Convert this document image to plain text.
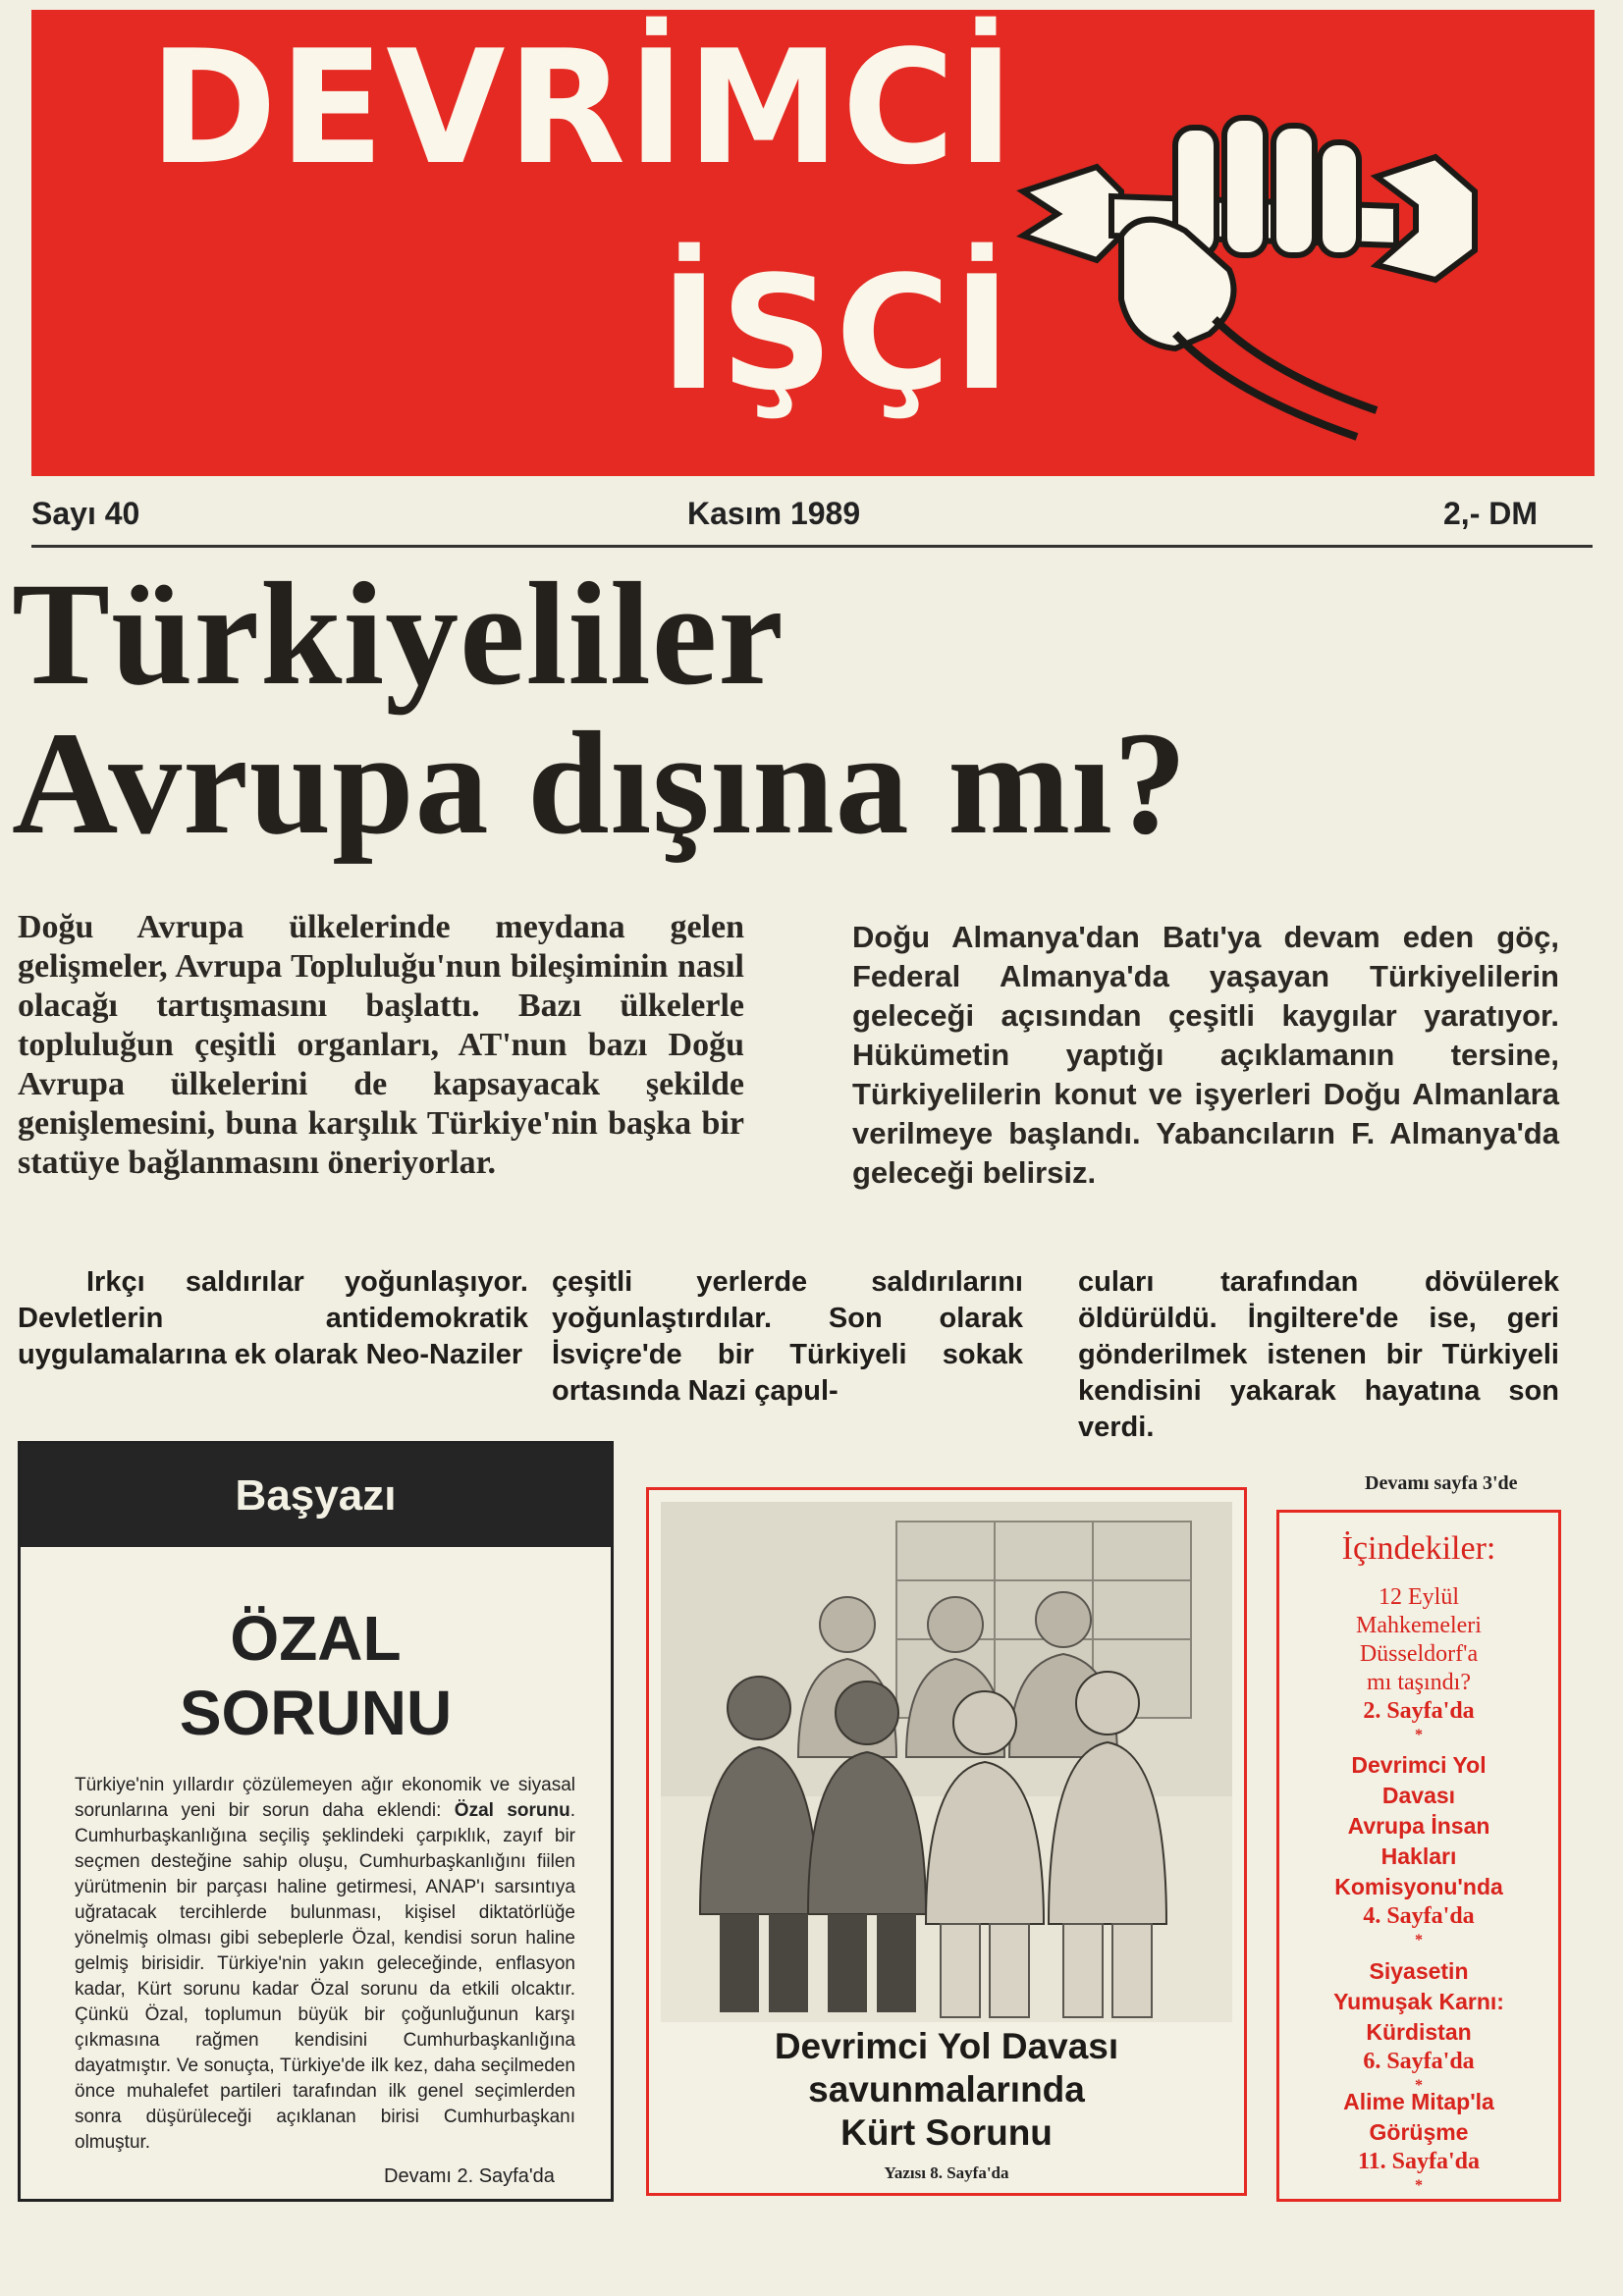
DEVRİMCİ
İŞÇİ
Sayı 40	Kasım 1989	2,- DM
Türkiyeliler
Avrupa dışına mı?
Doğu Avrupa ülkelerinde meydana gelen gelişmeler, Avrupa Topluluğu'nun bileşiminin nasıl olacağı tartışmasını başlattı. Bazı ülkelerle topluluğun çeşitli organları, AT'nun bazı Doğu Avrupa ülkelerini de kapsayacak şekilde genişlemesini, buna karşılık Türkiye'nin başka bir statüye bağlanmasını öneriyorlar.
Doğu Almanya'dan Batı'ya devam eden göç, Federal Almanya'da yaşayan Türkiyelilerin geleceği açısından çeşitli kaygılar yaratıyor. Hükümetin yaptığı açıklamanın tersine, Türkiyelilerin konut ve işyerleri Doğu Almanlara verilmeye başlandı. Yabancıların F. Almanya'da geleceği belirsiz.
Irkçı saldırılar yoğunlaşıyor. Devletlerin antidemokratik uygulamalarına ek olarak Neo-Naziler
çeşitli yerlerde saldırılarını yoğunlaştırdılar. Son olarak İsviçre'de bir Türkiyeli sokak ortasında Nazi çapul-
cuları tarafından dövülerek öldürüldü. İngiltere'de ise, geri gönderilmek istenen bir Türkiyeli kendisini yakarak hayatına son verdi.
Devamı sayfa 3'de
Başyazı
ÖZAL
SORUNU
Türkiye'nin yıllardır çözülemeyen ağır ekonomik ve siyasal sorunlarına yeni bir sorun daha eklendi: Özal sorunu. Cumhurbaşkanlığına seçiliş şeklindeki çarpıklık, zayıf bir seçmen desteğine sahip oluşu, Cumhurbaşkanlığını fiilen yürütmenin bir parçası haline getirmesi, ANAP'ı sarsıntıya uğratacak tercihlerde bulunması, kişisel diktatörlüğe yönelmiş olması gibi sebeplerle Özal, kendisi sorun haline gelmiş birisidir. Türkiye'nin yakın geleceğinde, enflasyon kadar, Kürt sorunu kadar Özal sorunu da etkili olcaktır. Çünkü Özal, toplumun büyük bir çoğunluğunun karşı çıkmasına rağmen kendisini Cumhurbaşkanlığına dayatmıştır. Ve sonuçta, Türkiye'de ilk kez, daha seçilmeden önce muhalefet partileri tarafından ilk genel seçimlerden sonra düşürüleceği açıklanan birisi Cumhurbaşkanı olmuştur.
Devamı 2. Sayfa'da
Devrimci Yol Davası
savunmalarında
Kürt Sorunu
Yazısı 8. Sayfa'da
İçindekiler:
12 Eylül
Mahkemeleri
Düsseldorf'a
mı taşındı?
2. Sayfa'da
*
Devrimci Yol
Davası
Avrupa İnsan
Hakları
Komisyonu'nda
4. Sayfa'da
*
Siyasetin
Yumuşak Karnı:
Kürdistan
6. Sayfa'da
*
Alime Mitap'la
Görüşme
11. Sayfa'da
*
